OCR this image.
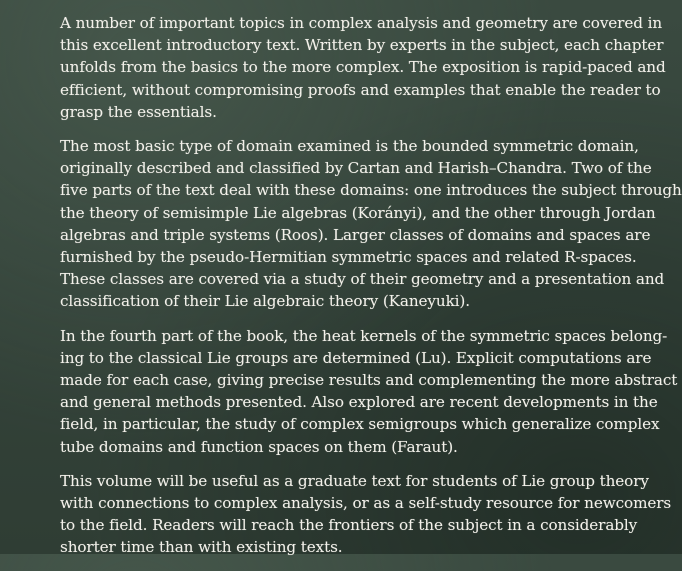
A number of important topics in complex analysis and geometry are covered in
this excellent introductory text. Written by experts in the subject, each chapter
unfolds from the basics to the more complex. The exposition is rapid-paced and
efficient, without compromising proofs and examples that enable the reader to
grasp the essentials.

The most basic type of domain examined is the bounded symmetric domain,
originally described and classified by Cartan and Harish–Chandra. Two of the
five parts of the text deal with these domains: one introduces the subject through
the theory of semisimple Lie algebras (Korányi), and the other through Jordan
algebras and triple systems (Roos). Larger classes of domains and spaces are
furnished by the pseudo-Hermitian symmetric spaces and related R-spaces.
These classes are covered via a study of their geometry and a presentation and
classification of their Lie algebraic theory (Kaneyuki).

In the fourth part of the book, the heat kernels of the symmetric spaces belong-
ing to the classical Lie groups are determined (Lu). Explicit computations are
made for each case, giving precise results and complementing the more abstract
and general methods presented. Also explored are recent developments in the
field, in particular, the study of complex semigroups which generalize complex
tube domains and function spaces on them (Faraut).

This volume will be useful as a graduate text for students of Lie group theory
with connections to complex analysis, or as a self-study resource for newcomers
to the field. Readers will reach the frontiers of the subject in a considerably
shorter time than with existing texts.
